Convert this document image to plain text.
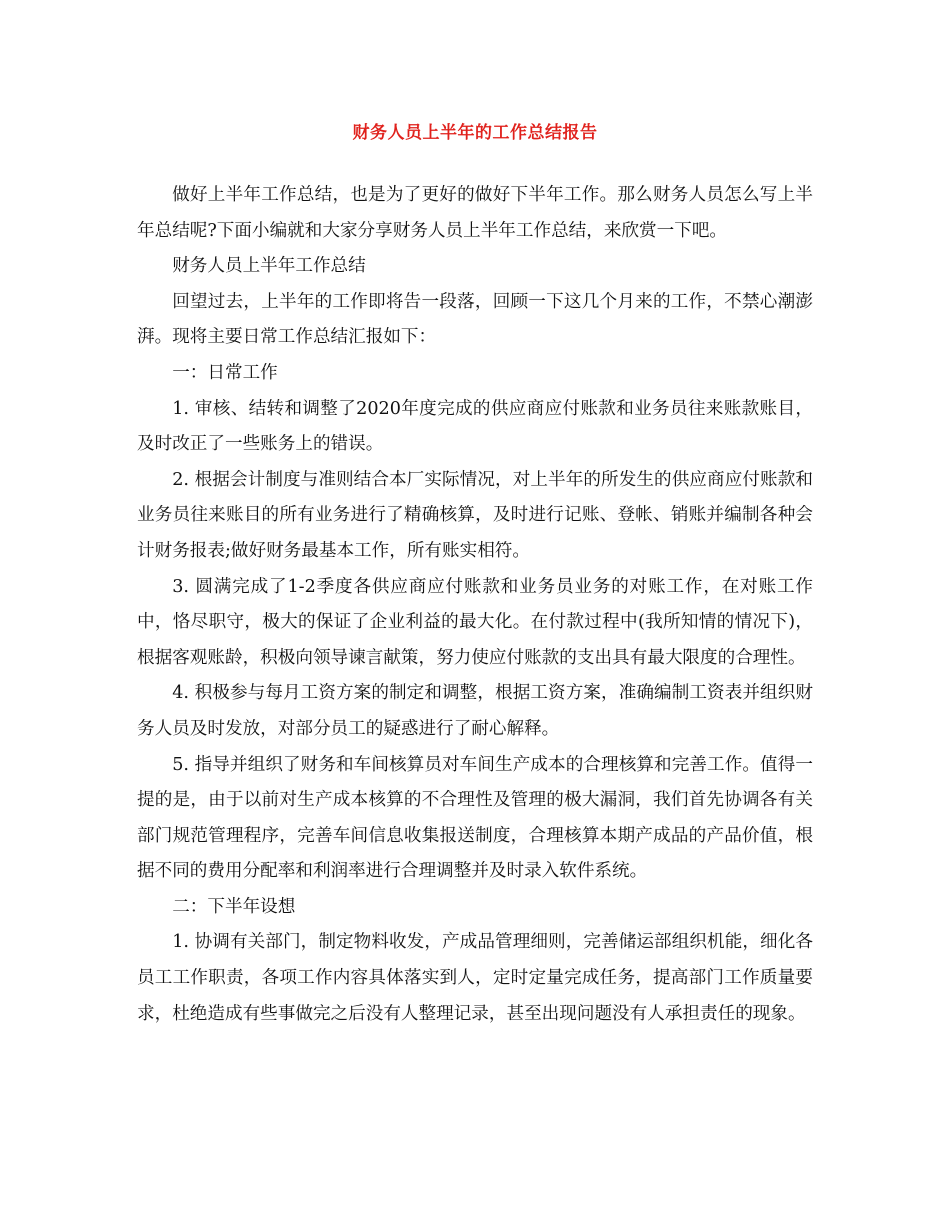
财务人员上半年的工作总结报告

做好上半年工作总结，也是为了更好的做好下半年工作。那么财务人员怎么写上半年总结呢?下面小编就和大家分享财务人员上半年工作总结，来欣赏一下吧。

财务人员上半年工作总结

回望过去，上半年的工作即将告一段落，回顾一下这几个月来的工作，不禁心潮澎湃。现将主要日常工作总结汇报如下：

一：日常工作

1. 审核、结转和调整了2020年度完成的供应商应付账款和业务员往来账款账目，及时改正了一些账务上的错误。

2. 根据会计制度与准则结合本厂实际情况，对上半年的所发生的供应商应付账款和业务员往来账目的所有业务进行了精确核算，及时进行记账、登帐、销账并编制各种会计财务报表;做好财务最基本工作，所有账实相符。

3. 圆满完成了1-2季度各供应商应付账款和业务员业务的对账工作，在对账工作中，恪尽职守，极大的保证了企业利益的最大化。在付款过程中(我所知情的情况下)，根据客观账龄，积极向领导谏言献策，努力使应付账款的支出具有最大限度的合理性。

4. 积极参与每月工资方案的制定和调整，根据工资方案，准确编制工资表并组织财务人员及时发放，对部分员工的疑惑进行了耐心解释。

5. 指导并组织了财务和车间核算员对车间生产成本的合理核算和完善工作。值得一提的是，由于以前对生产成本核算的不合理性及管理的极大漏洞，我们首先协调各有关部门规范管理程序，完善车间信息收集报送制度，合理核算本期产成品的产品价值，根据不同的费用分配率和利润率进行合理调整并及时录入软件系统。

二：下半年设想

1. 协调有关部门，制定物料收发，产成品管理细则，完善储运部组织机能，细化各员工工作职责，各项工作内容具体落实到人，定时定量完成任务，提高部门工作质量要求，杜绝造成有些事做完之后没有人整理记录，甚至出现问题没有人承担责任的现象。
